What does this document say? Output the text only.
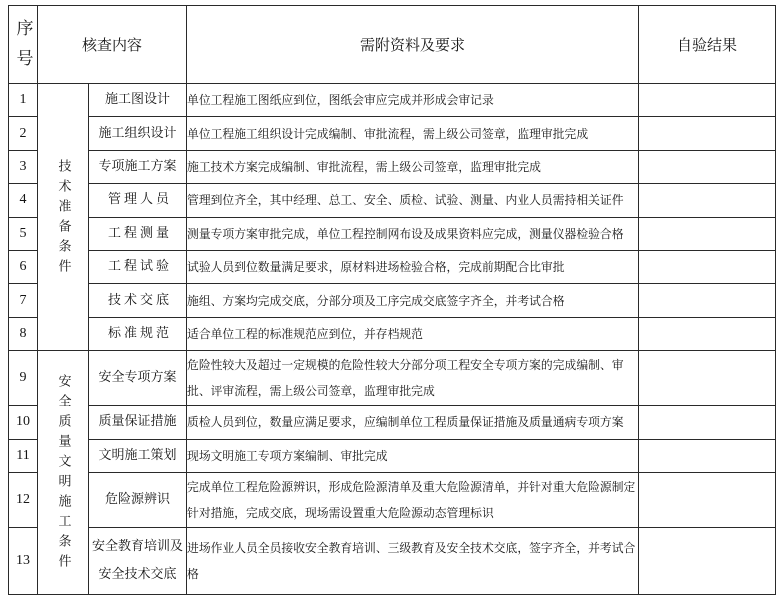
序号	核查内容		需附资料及要求	自验结果
1	技术准备条件	施工图设计	单位工程施工图纸应到位，图纸会审应完成并形成会审记录	
2		施工组织设计	单位工程施工组织设计完成编制、审批流程，需上级公司签章，监理审批完成	
3		专项施工方案	施工技术方案完成编制、审批流程，需上级公司签章，监理审批完成	
4		管理人员	管理到位齐全，其中经理、总工、安全、质检、试验、测量、内业人员需持相关证件	
5		工程测量	测量专项方案审批完成，单位工程控制网布设及成果资料应完成，测量仪器检验合格	
6		工程试验	试验人员到位数量满足要求，原材料进场检验合格，完成前期配合比审批	
7		技术交底	施组、方案均完成交底，分部分项及工序完成交底签字齐全，并考试合格	
8		标准规范	适合单位工程的标准规范应到位，并存档规范	
9	安全质量文明施工条件	安全专项方案	危险性较大及超过一定规模的危险性较大分部分项工程安全专项方案的完成编制、审批、评审流程，需上级公司签章，监理审批完成	
10		质量保证措施	质检人员到位，数量应满足要求，应编制单位工程质量保证措施及质量通病专项方案	
11		文明施工策划	现场文明施工专项方案编制、审批完成	
12		危险源辨识	完成单位工程危险源辨识，形成危险源清单及重大危险源清单，并针对重大危险源制定针对措施，完成交底，现场需设置重大危险源动态管理标识	
13		安全教育培训及安全技术交底	进场作业人员全员接收安全教育培训、三级教育及安全技术交底，签字齐全，并考试合格	
